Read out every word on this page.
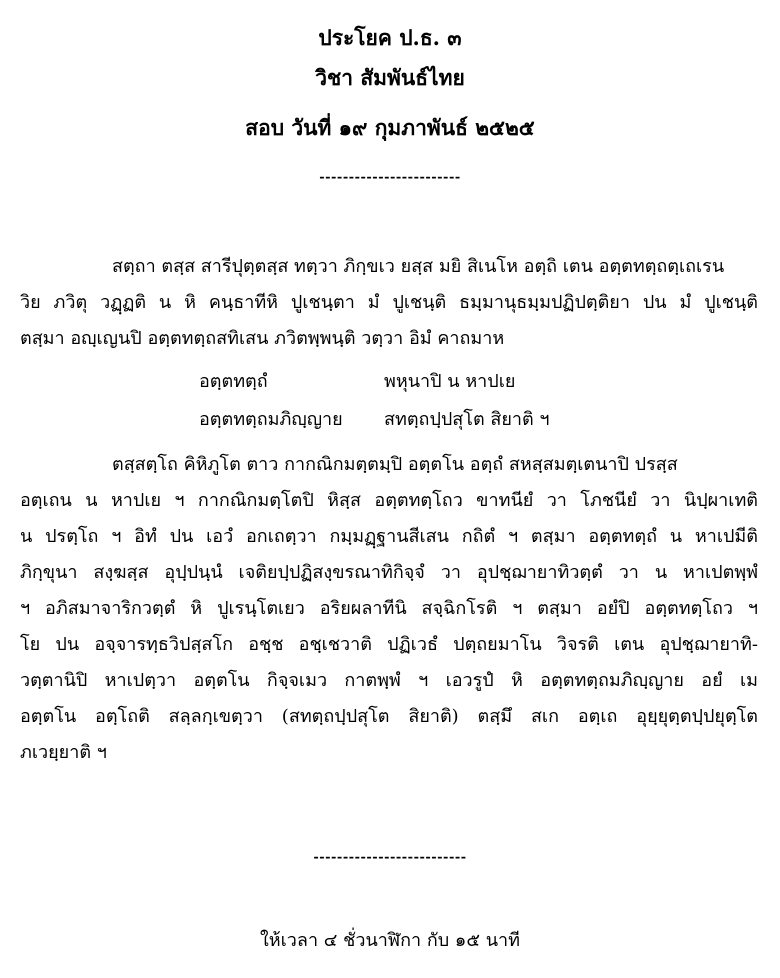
ประโยค ป.ธ. ๓
วิชา สัมพันธ์ไทย
สอบ วันที่ ๑๙ กุมภาพันธ์ ๒๕๒๕
------------------------
สตฺถา ตสฺส สารีปุตฺตสฺส ทตฺวา ภิกฺขเว ยสฺส มยิ สิเนโห อตฺถิ เตน อตฺตทตฺถตฺเถเรน
วิย ภวิตุ วฏฺฏติ น หิ คนฺธาทีหิ ปูเชนฺตา มํ ปูเชนฺติ ธมฺมานุธมฺมปฏิปตฺติยา ปน มํ ปูเชนฺติ
ตสฺมา อญฺเญนปิ อตฺตทตฺถสทิเสน ภวิตพฺพนฺติ วตฺวา อิมํ คาถมาห
อตฺตทตฺถํ	พหุนาปิ น หาปเย
อตฺตทตฺถมภิญฺญาย สทตฺถปฺปสุโต สิยาติ ฯ
ตสฺสตฺโถ คิหิภูโต ตาว กากณิกมตฺตมฺปิ อตฺตโน อตฺถํ สหสฺสมตฺเตนาปิ ปรสฺส
อตฺเถน น หาปเย ฯ กากณิกมตฺโตปิ หิสฺส อตฺตทตฺโถว ขาทนียํ วา โภชนียํ วา นิปฺผาเทติ
น ปรตฺโถ ฯ อิทํ ปน เอวํ อกเถตฺวา กมฺมฏฺฐานสีเสน กถิตํ ฯ ตสฺมา อตฺตทตฺถํ น หาเปมีติ
ภิกฺขุนา สงฺฆสฺส อุปฺปนฺนํ เจติยปฺปฏิสงฺขรณาทิกิจฺจํ วา อุปชฺฌายาทิวตฺตํ วา น หาเปตพฺพํ
ฯ อภิสมาจาริกวตฺตํ หิ ปูเรนฺโตเยว อริยผลาทีนิ สจฺฉิกโรติ ฯ ตสฺมา อยํปิ อตฺตทตฺโถว ฯ
โย ปน อจฺจารทฺธวิปสฺสโก อชฺช อชฺเชวาติ ปฏิเวธํ ปตฺถยมาโน วิจรติ เตน อุปชฺฌายาทิ-
วตฺตานิปิ หาเปตฺวา อตฺตโน กิจฺจเมว กาตพฺพํ ฯ เอวรูปํ หิ อตฺตทตฺถมภิญฺญาย อยํ เม
อตฺตโน อตฺโถติ สลฺลกฺเขตฺวา (สทตฺถปฺปสุโต สิยาติ) ตสฺมึ สเก อตฺเถ อุยฺยุตฺตปฺปยุตฺโต
ภเวยฺยาติ ฯ
--------------------------
ให้เวลา ๔ ชั่วนาฬิกา กับ ๑๕ นาที
